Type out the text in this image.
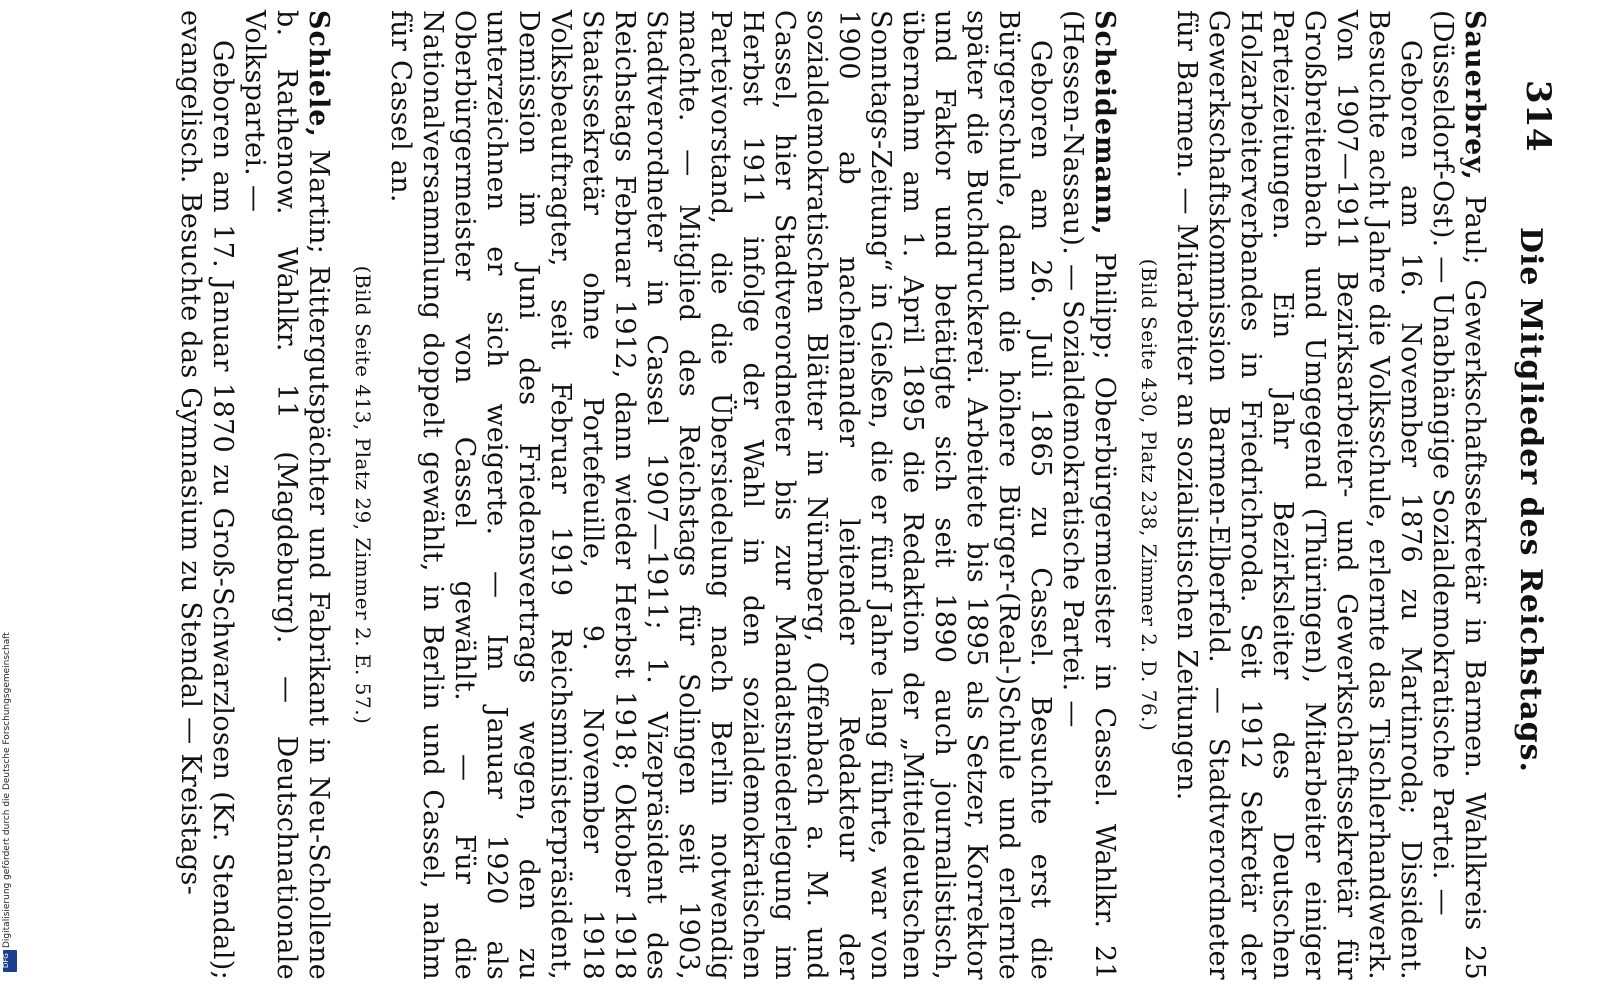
314
Die Mitglieder des Reichstags.

Sauerbrey, Paul; Gewerkschaftssekretär in Barmen. Wahlkreis 25 (Düsseldorf-Ost). — Unabhängige Sozialdemokratische Partei. —

Geboren am 16. November 1876 zu Martinroda; Dissident. Besuchte acht Jahre die Volksschule, erlernte das Tischlerhandwerk. Von 1907—1911 Bezirksarbeiter- und Gewerkschaftssekretär für Großbreitenbach und Umgegend (Thüringen), Mitarbeiter einiger Parteizeitungen. Ein Jahr Bezirksleiter des Deutschen Holzarbeiterverbandes in Friedrichroda. Seit 1912 Sekretär der Gewerkschaftskommission Barmen-Elberfeld. — Stadtverordneter für Barmen. — Mitarbeiter an sozialistischen Zeitungen.

(Bild Seite 430, Platz 238, Zimmer 2. D. 76.)

Scheidemann, Philipp; Oberbürgermeister in Cassel. Wahlkr. 21 (Hessen-Nassau). — Sozialdemokratische Partei. —

Geboren am 26. Juli 1865 zu Cassel. Besuchte erst die Bürgerschule, dann die höhere Bürger-(Real-)Schule und erlernte später die Buchdruckerei. Arbeitete bis 1895 als Setzer, Korrektor und Faktor und betätigte sich seit 1890 auch journalistisch, übernahm am 1. April 1895 die Redaktion der „Mitteldeutschen Sonntags-Zeitung“ in Gießen, die er fünf Jahre lang führte, war von 1900 ab nacheinander leitender Redakteur der sozialdemokratischen Blätter in Nürnberg, Offenbach a. M. und Cassel, hier Stadtverordneter bis zur Mandatsniederlegung im Herbst 1911 infolge der Wahl in den sozialdemokratischen Parteivorstand, die die Übersiedelung nach Berlin notwendig machte. — Mitglied des Reichstags für Solingen seit 1903, Stadtverordneter in Cassel 1907—1911; 1. Vizepräsident des Reichstags Februar 1912, dann wieder Herbst 1918; Oktober 1918 Staatssekretär ohne Portefeuille, 9. November 1918 Volksbeauftragter, seit Februar 1919 Reichsministerpräsident, Demission im Juni des Friedensvertrags wegen, den zu unterzeichnen er sich weigerte. — Im Januar 1920 als Oberbürgermeister von Cassel gewählt. — Für die Nationalversammlung doppelt gewählt, in Berlin und Cassel, nahm für Cassel an.

(Bild Seite 413, Platz 29, Zimmer 2. E. 57.)

Schiele, Martin; Rittergutspächter und Fabrikant in Neu-Schollene b. Rathenow. Wahlkr. 11 (Magdeburg). — Deutschnationale Volkspartei. —

Geboren am 17. Januar 1870 zu Groß-Schwarzlosen (Kr. Stendal); evangelisch. Besuchte das Gymnasium zu Stendal — Kreistags-

Digitalisierung gefördert durch die Deutsche Forschungsgemeinschaft
DFG
